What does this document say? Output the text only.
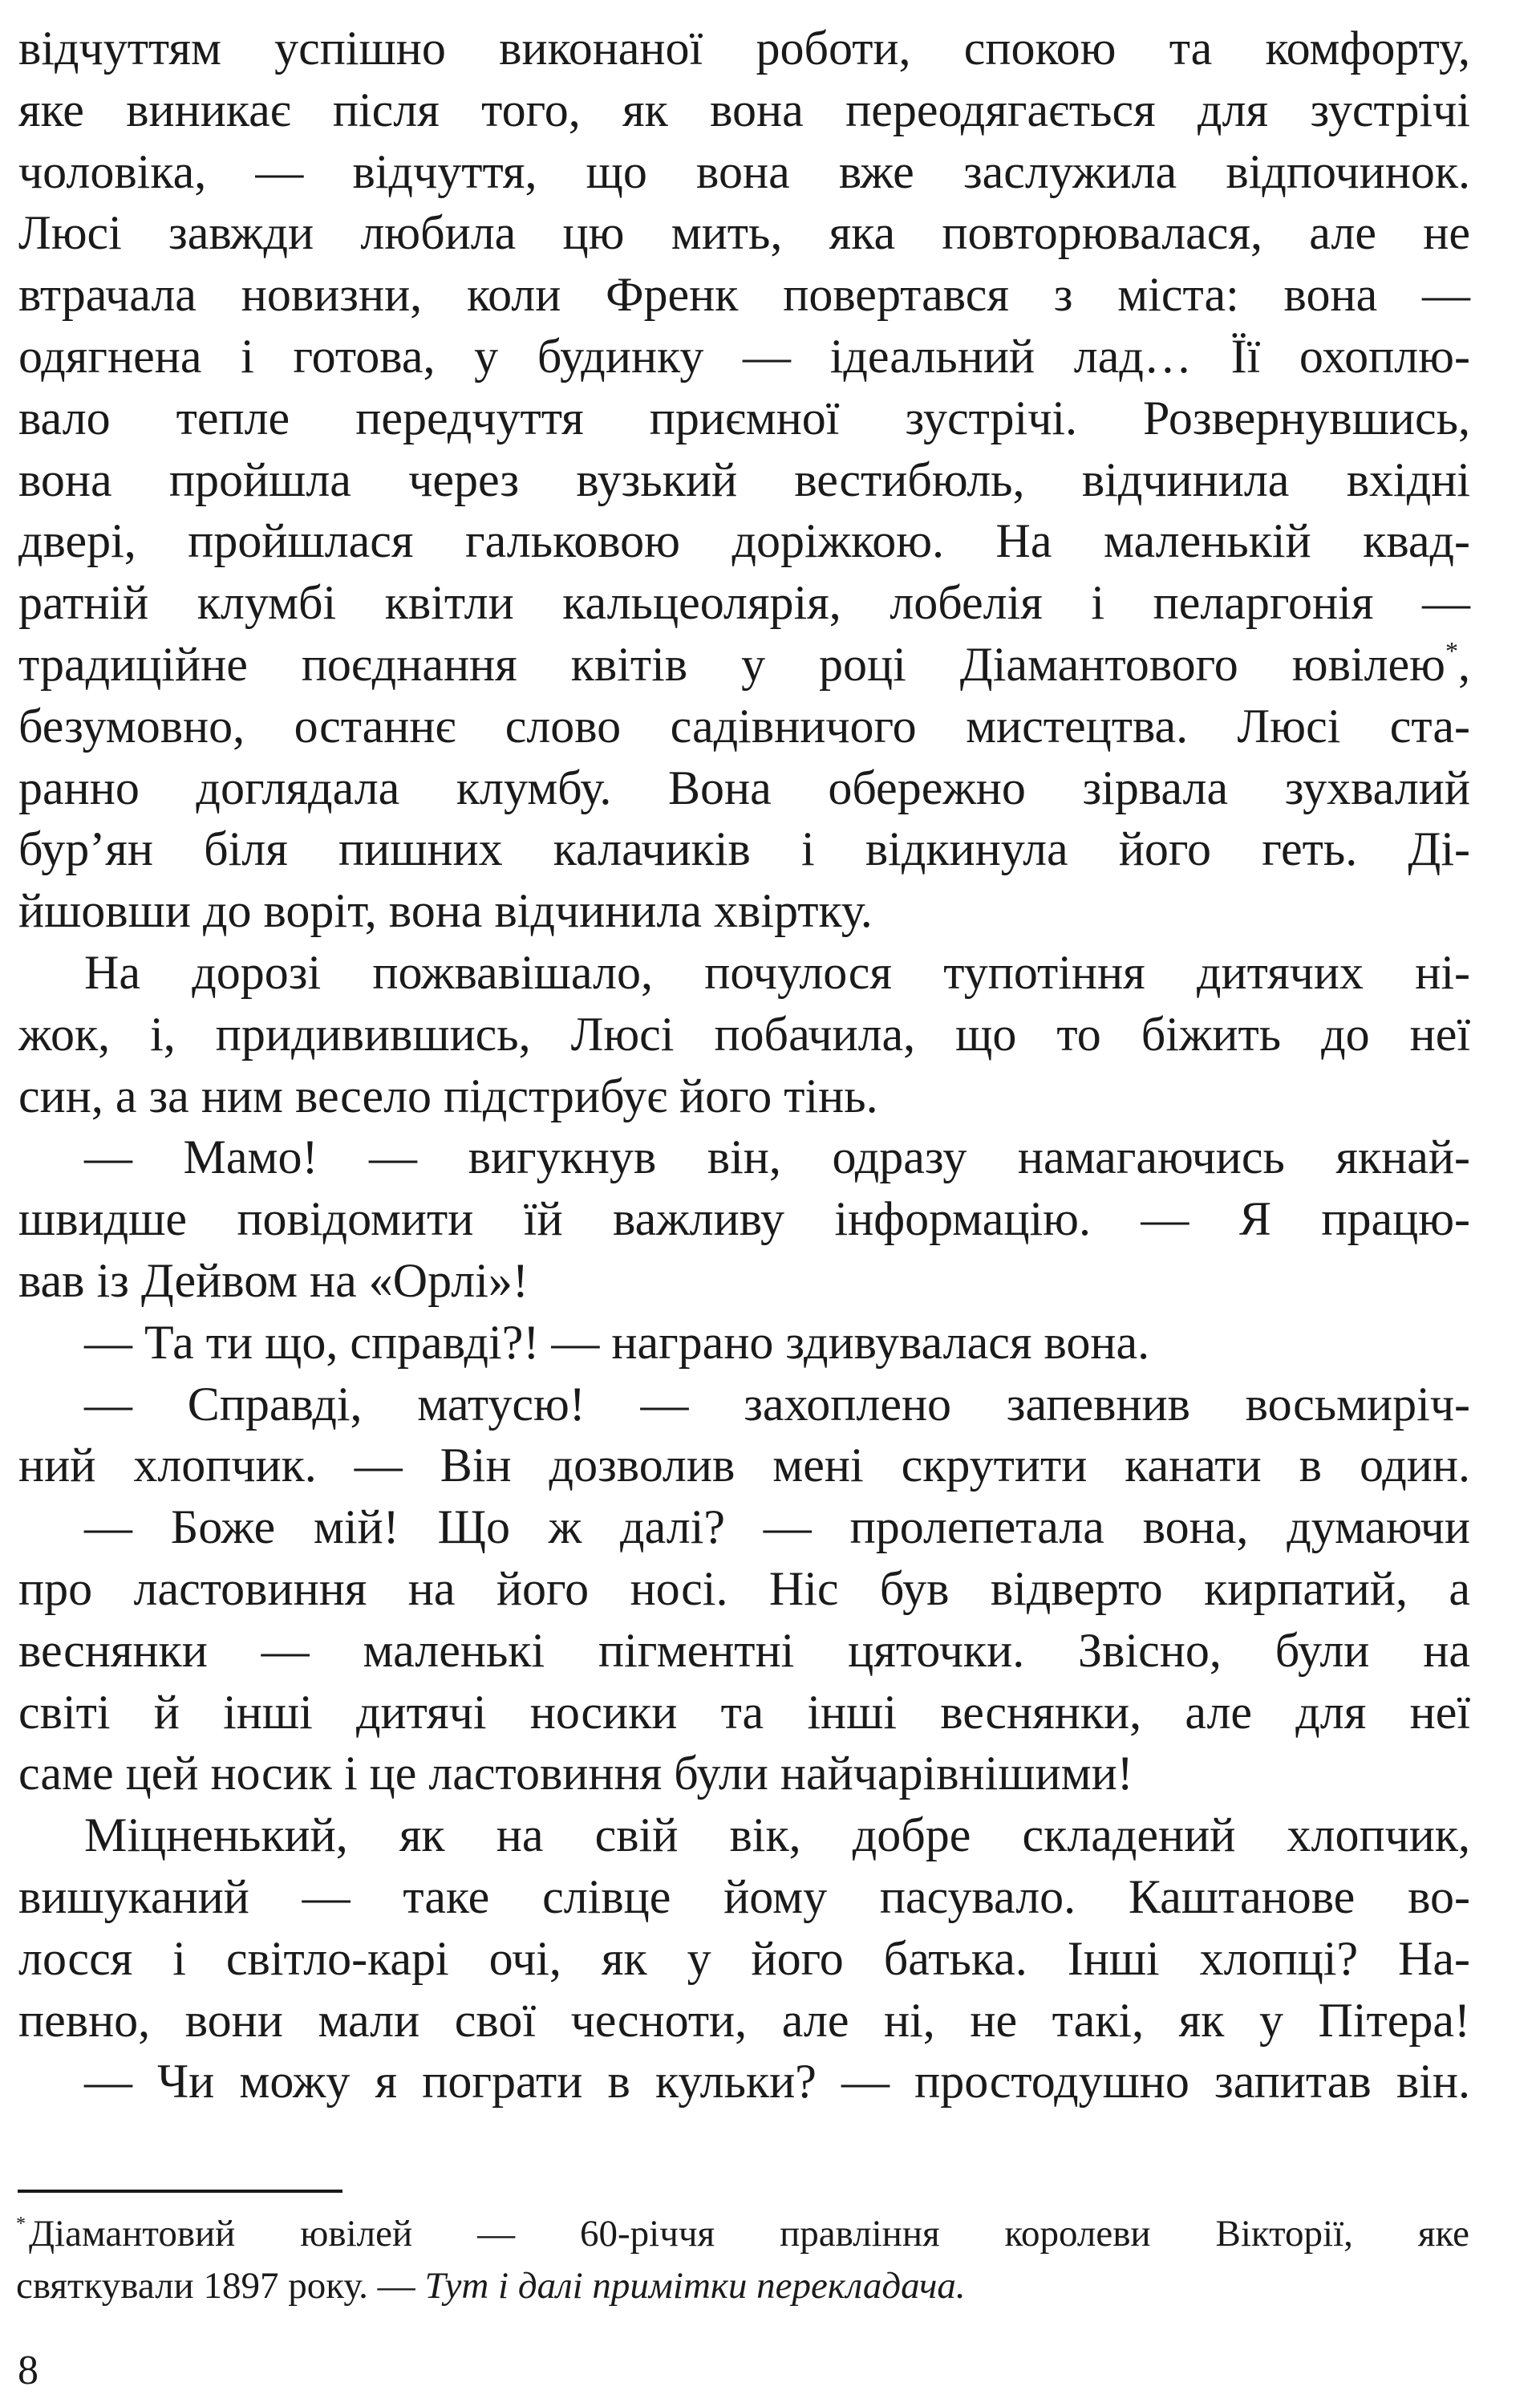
відчуттям успішно виконаної роботи, спокою та комфорту,
яке виникає після того, як вона переодягається для зустрічі
чоловіка, — відчуття, що вона вже заслужила відпочинок.
Люсі завжди любила цю мить, яка повторювалася, але не
втрачала новизни, коли Френк повертався з міста: вона —
одягнена і готова, у будинку — ідеальний лад… Її охоплю-
вало тепле передчуття приємної зустрічі. Розвернувшись,
вона пройшла через вузький вестибюль, відчинила вхідні
двері, пройшлася гальковою доріжкою. На маленькій квад-
ратній клумбі квітли кальцеолярія, лобелія і пеларгонія —
традиційне поєднання квітів у році Діамантового ювілею*,
безумовно, останнє слово садівничого мистецтва. Люсі ста-
ранно доглядала клумбу. Вона обережно зірвала зухвалий
бур’ян біля пишних калачиків і відкинула його геть. Ді-
йшовши до воріт, вона відчинила хвіртку.
На дорозі пожвавішало, почулося тупотіння дитячих ні-
жок, і, придивившись, Люсі побачила, що то біжить до неї
син, а за ним весело підстрибує його тінь.
— Мамо! — вигукнув він, одразу намагаючись якнай-
швидше повідомити їй важливу інформацію. — Я працю-
вав із Дейвом на «Орлі»!
— Та ти що, справді?! — награно здивувалася вона.
— Справді, матусю! — захоплено запевнив восьмиріч-
ний хлопчик. — Він дозволив мені скрутити канати в один.
— Боже мій! Що ж далі? — пролепетала вона, думаючи
про ластовиння на його носі. Ніс був відверто кирпатий, а
веснянки — маленькі пігментні цяточки. Звісно, були на
світі й інші дитячі носики та інші веснянки, але для неї
саме цей носик і це ластовиння були найчарівнішими!
Міцненький, як на свій вік, добре складений хлопчик,
вишуканий — таке слівце йому пасувало. Каштанове во-
лосся і світло-карі очі, як у його батька. Інші хлопці? На-
певно, вони мали свої чесноти, але ні, не такі, як у Пітера!
— Чи можу я пограти в кульки? — простодушно запитав він.
*Діамантовий ювілей — 60-річчя правління королеви Вікторії, яке
святкували 1897 року. — Тут і далі примітки перекладача.
8
